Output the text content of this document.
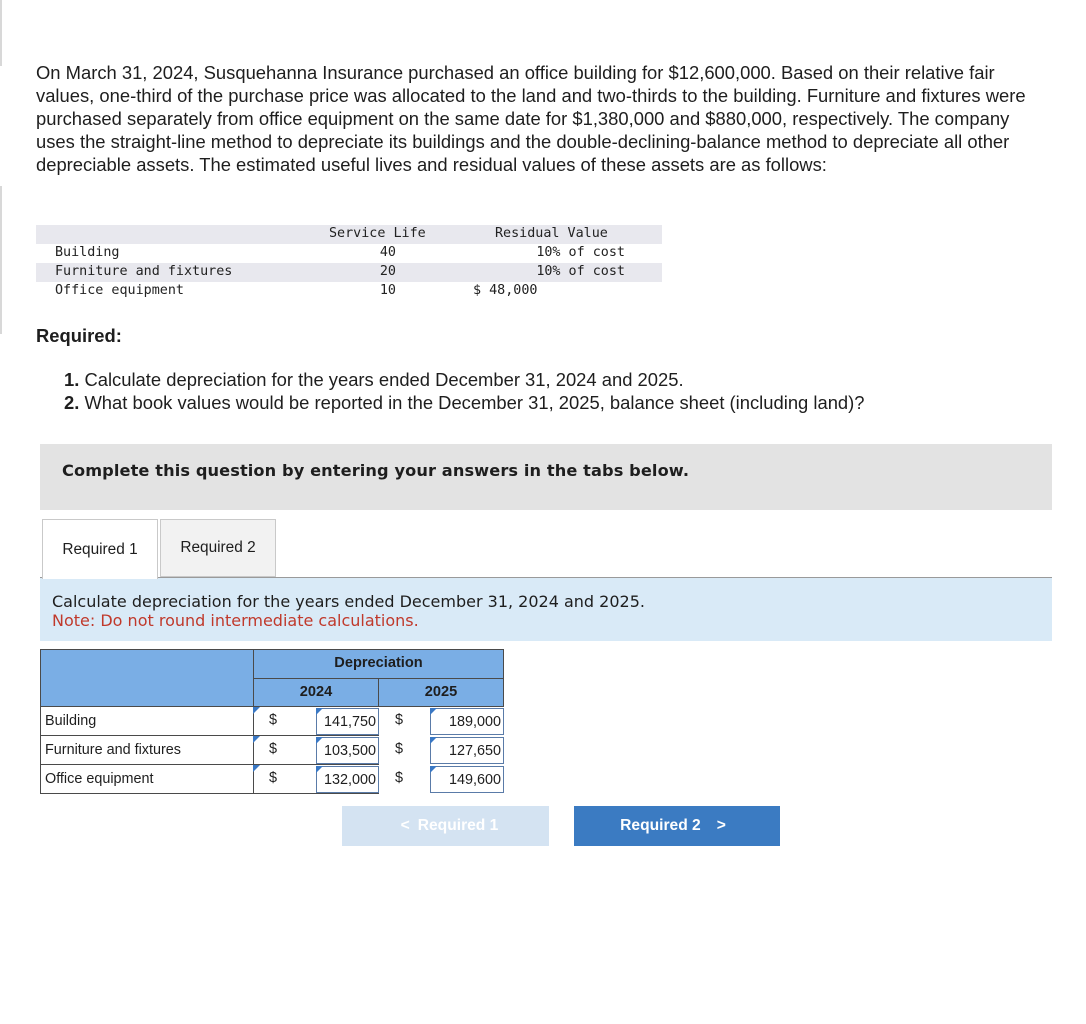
On March 31, 2024, Susquehanna Insurance purchased an office building for $12,600,000. Based on their relative fair values, one-third of the purchase price was allocated to the land and two-thirds to the building. Furniture and fixtures were purchased separately from office equipment on the same date for $1,380,000 and $880,000, respectively. The company uses the straight-line method to depreciate its buildings and the double-declining-balance method to depreciate all other depreciable assets. The estimated useful lives and residual values of these assets are as follows:

Service Life	Residual Value
Building	40	10% of cost
Furniture and fixtures	20	10% of cost
Office equipment	10	$ 48,000
Required:
1. Calculate depreciation for the years ended December 31, 2024 and 2025.
2. What book values would be reported in the December 31, 2025, balance sheet (including land)?
Complete this question by entering your answers in the tabs below.
Required 1	Required 2
Calculate depreciation for the years ended December 31, 2024 and 2025.
Note: Do not round intermediate calculations.
Depreciation
2024	2025
Building	$	141,750 $	189,000
Furniture and fixtures	$	103,500 $	127,650
Office equipment	$	132,000 $	149,600
< Required 1	Required 2 >
